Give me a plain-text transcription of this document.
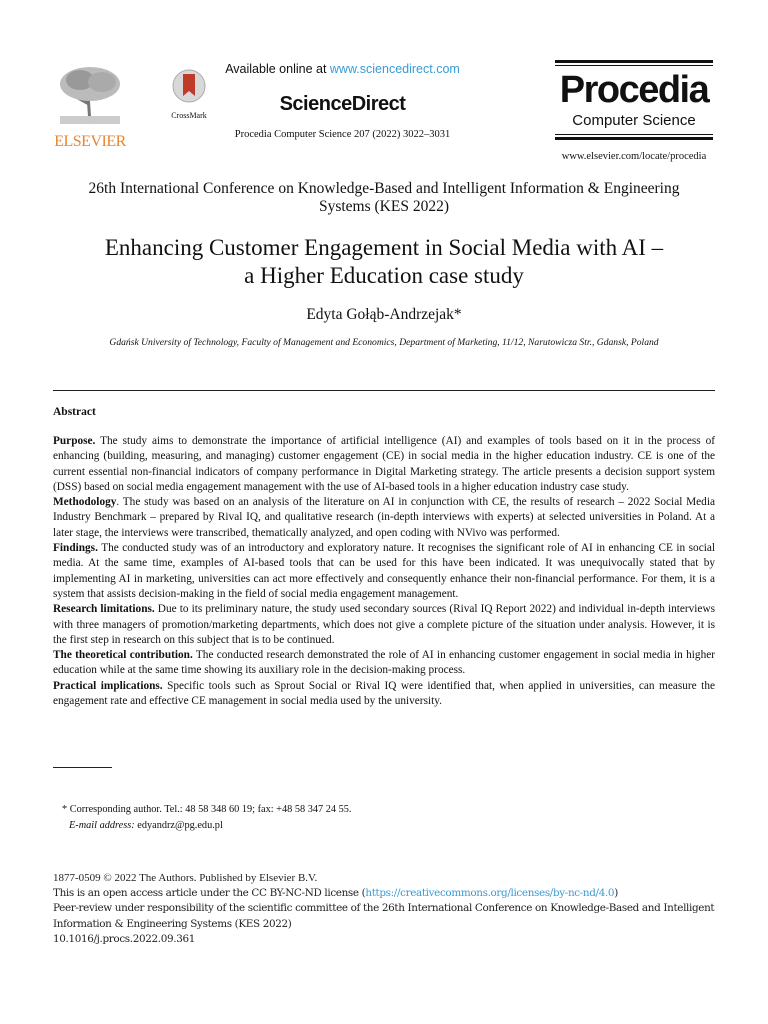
ELSEVIER
CrossMark
Available online at www.sciencedirect.com
ScienceDirect
Procedia Computer Science 207 (2022) 3022–3031
Procedia
Computer Science
www.elsevier.com/locate/procedia
26th International Conference on Knowledge-Based and Intelligent Information & Engineering
Systems (KES 2022)
Enhancing Customer Engagement in Social Media with AI –
a Higher Education case study
Edyta Gołąb-Andrzejak*
Gdańsk University of Technology, Faculty of Management and Economics, Department of Marketing, 11/12, Narutowicza Str., Gdansk, Poland
Abstract
Purpose. The study aims to demonstrate the importance of artificial intelligence (AI) and examples of tools based on it in the process of enhancing (building, measuring, and managing) customer engagement (CE) in social media in the higher education industry. CE is one of the current essential non-financial indicators of company performance in Digital Marketing strategy. The article presents a decision support system (DSS) based on social media engagement management with the use of AI-based tools in a higher education industry case study.
Methodology. The study was based on an analysis of the literature on AI in conjunction with CE, the results of research – 2022 Social Media Industry Benchmark – prepared by Rival IQ, and qualitative research (in-depth interviews with experts) at selected universities in Poland. At a later stage, the interviews were transcribed, thematically analyzed, and open coding with NVivo was performed.
Findings. The conducted study was of an introductory and exploratory nature. It recognises the significant role of AI in enhancing CE in social media. At the same time, examples of AI-based tools that can be used for this have been indicated. It was unequivocally stated that by implementing AI in marketing, universities can act more effectively and consequently enhance their non-financial performance. For them, it is a system that assists decision-making in the field of social media engagement management.
Research limitations. Due to its preliminary nature, the study used secondary sources (Rival IQ Report 2022) and individual in-depth interviews with three managers of promotion/marketing departments, which does not give a complete picture of the situation under analysis. However, it is the first step in research on this subject that is to be continued.
The theoretical contribution. The conducted research demonstrated the role of AI in enhancing customer engagement in social media in higher education while at the same time showing its auxiliary role in the decision-making process.
Practical implications. Specific tools such as Sprout Social or Rival IQ were identified that, when applied in universities, can measure the engagement rate and effective CE management in social media used by the university.
* Corresponding author. Tel.: 48 58 348 60 19; fax: +48 58 347 24 55.
E-mail address: edyandrz@pg.edu.pl
1877-0509 © 2022 The Authors. Published by Elsevier B.V.
This is an open access article under the CC BY-NC-ND license (https://creativecommons.org/licenses/by-nc-nd/4.0)
Peer-review under responsibility of the scientific committee of the 26th International Conference on Knowledge-Based and Intelligent
Information & Engineering Systems (KES 2022)
10.1016/j.procs.2022.09.361
